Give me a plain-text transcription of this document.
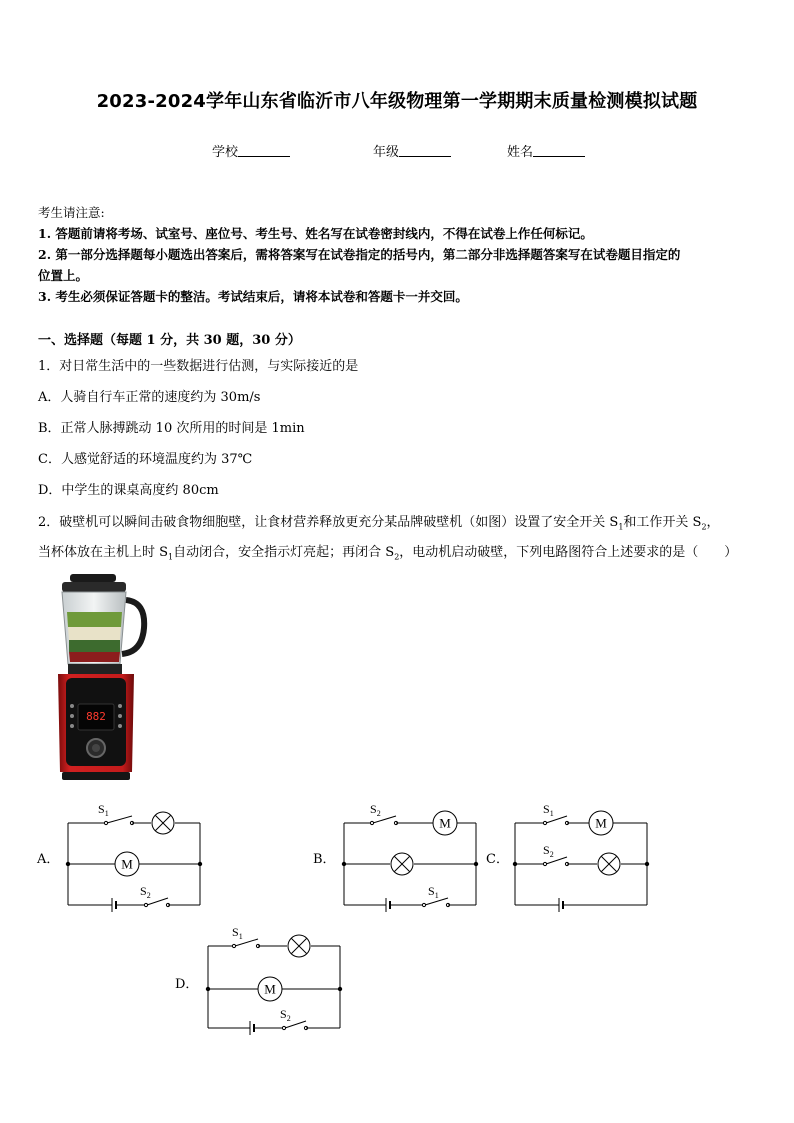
2023-2024学年山东省临沂市八年级物理第一学期期末质量检测模拟试题
学校	年级	姓名
考生请注意:
1. 答题前请将考场、试室号、座位号、考生号、姓名写在试卷密封线内，不得在试卷上作任何标记。
2. 第一部分选择题每小题选出答案后，需将答案写在试卷指定的括号内，第二部分非选择题答案写在试卷题目指定的
位置上。
3. 考生必须保证答题卡的整洁。考试结束后，请将本试卷和答题卡一并交回。
一、选择题（每题 1 分，共 30 题，30 分）
1．对日常生活中的一些数据进行估测，与实际接近的是
A．人骑自行车正常的速度约为 30m/s
B．正常人脉搏跳动 10 次所用的时间是 1min
C．人感觉舒适的环境温度约为 37℃
D．中学生的课桌高度约 80cm
2．破壁机可以瞬间击破食物细胞壁，让食材营养释放更充分某品牌破壁机（如图）设置了安全开关 $S_1$和工作开关 $S_2$，
当杯体放在主机上时 $S_1$自动闭合，安全指示灯亮起；再闭合 $S_2$，电动机启动破壁，下列电路图符合上述要求的是（　　）
882
A．
$S_1$
M
$S_2$
B．
$S_2$
M
$S_1$
C．
$S_1$
M
$S_2$
D．
$S_1$
M
$S_2$
